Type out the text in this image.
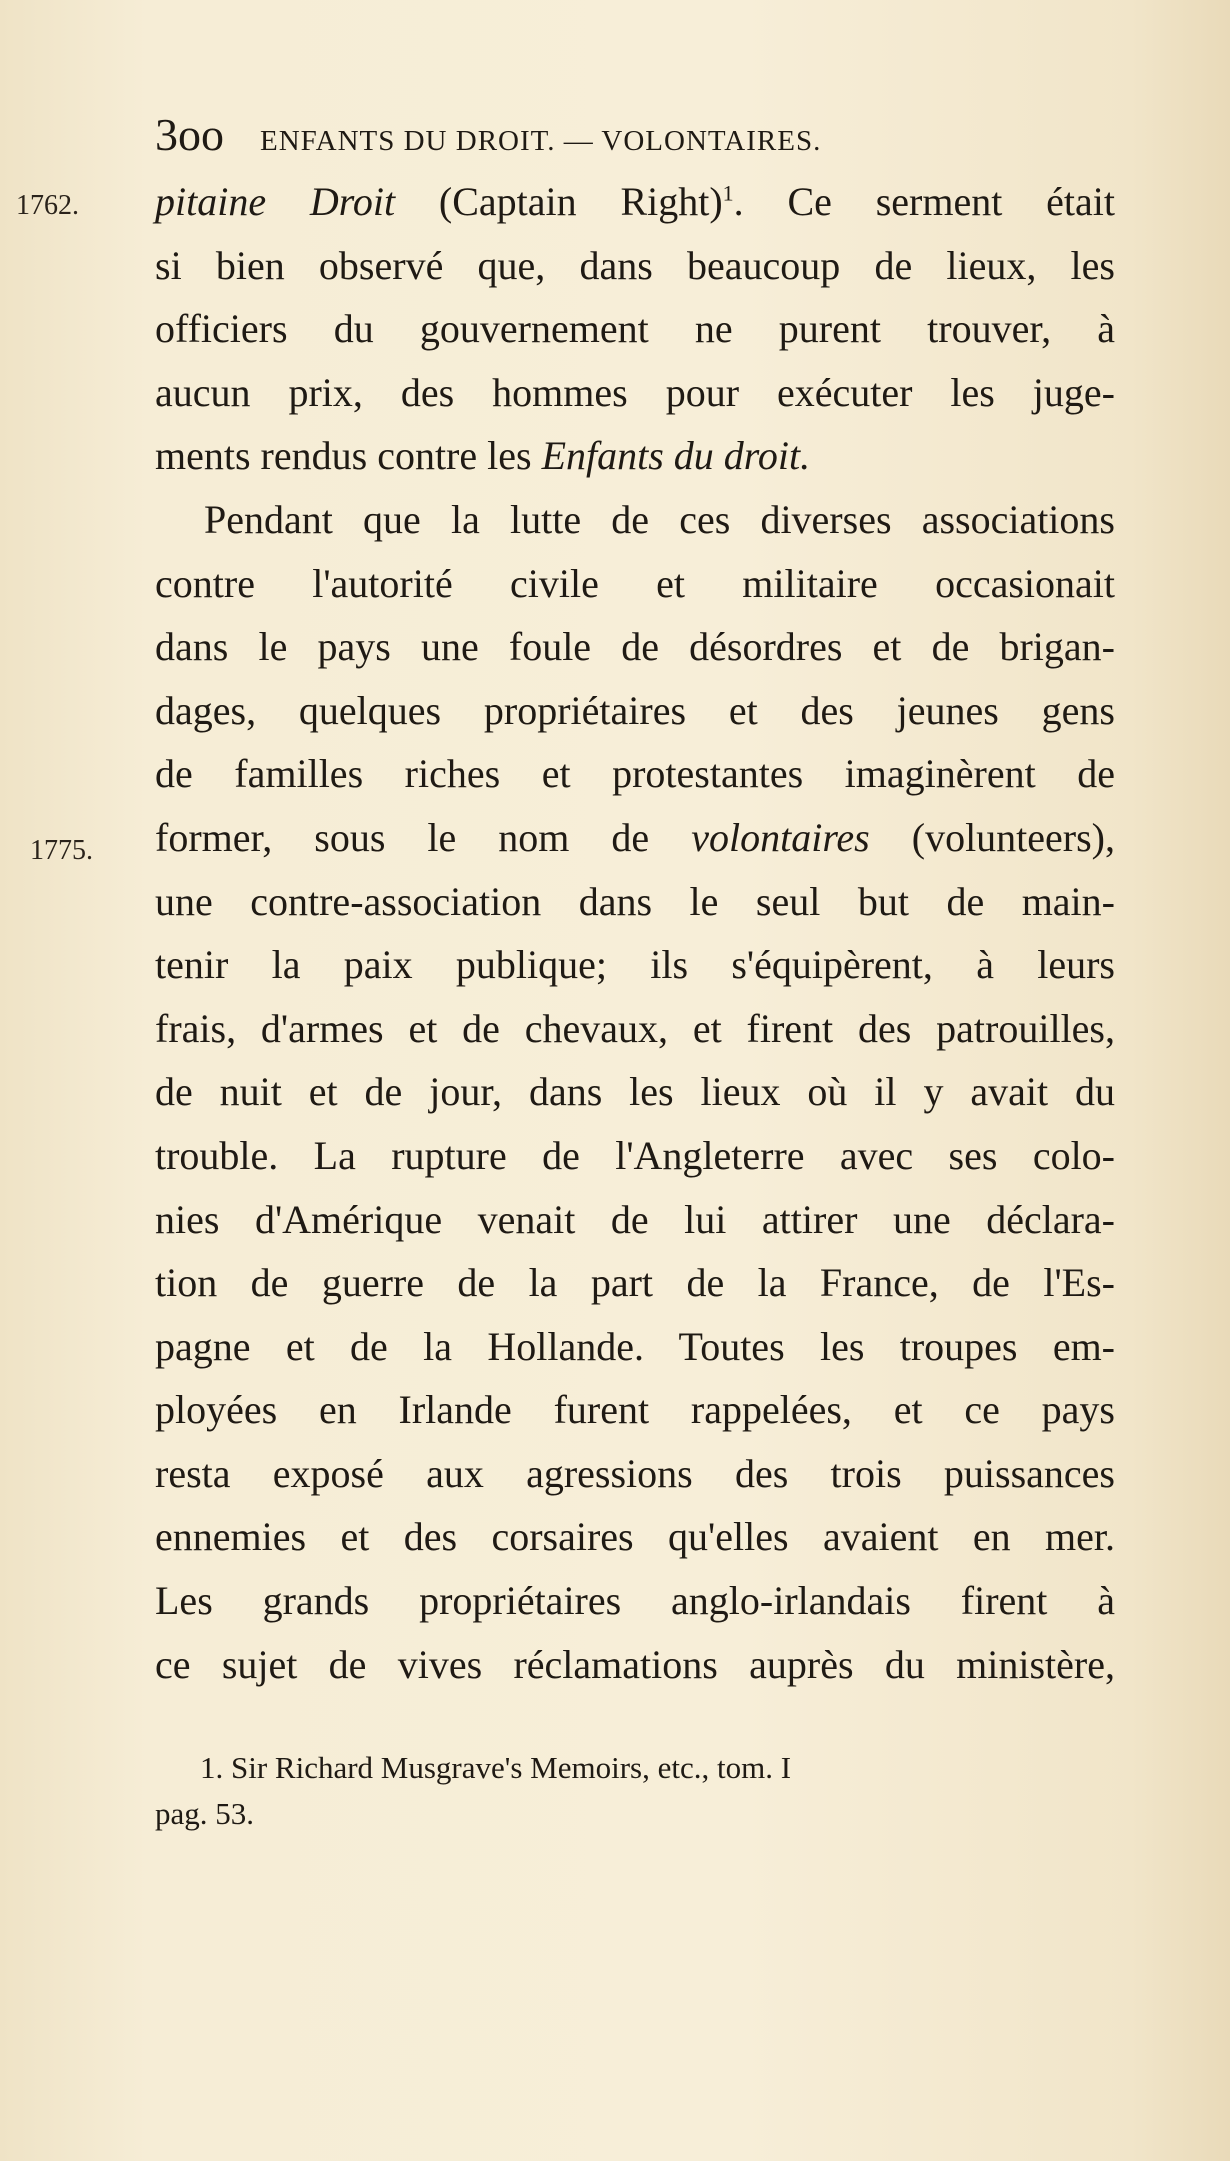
3oo ENFANTS DU DROIT. — VOLONTAIRES.
1762.
1775.
pitaine Droit (Captain Right)$^1$. Ce serment était
si bien observé que, dans beaucoup de lieux, les
officiers du gouvernement ne purent trouver, à
aucun prix, des hommes pour exécuter les juge-
ments rendus contre les Enfants du droit.
Pendant que la lutte de ces diverses associations
contre l'autorité civile et militaire occasionait
dans le pays une foule de désordres et de brigan-
dages, quelques propriétaires et des jeunes gens
de familles riches et protestantes imaginèrent de
former, sous le nom de volontaires (volunteers),
une contre-association dans le seul but de main-
tenir la paix publique; ils s'équipèrent, à leurs
frais, d'armes et de chevaux, et firent des patrouilles,
de nuit et de jour, dans les lieux où il y avait du
trouble. La rupture de l'Angleterre avec ses colo-
nies d'Amérique venait de lui attirer une déclara-
tion de guerre de la part de la France, de l'Es-
pagne et de la Hollande. Toutes les troupes em-
ployées en Irlande furent rappelées, et ce pays
resta exposé aux agressions des trois puissances
ennemies et des corsaires qu'elles avaient en mer.
Les grands propriétaires anglo-irlandais firent à
ce sujet de vives réclamations auprès du ministère,
1. Sir Richard Musgrave's Memoirs, etc., tom. I
pag. 53.
